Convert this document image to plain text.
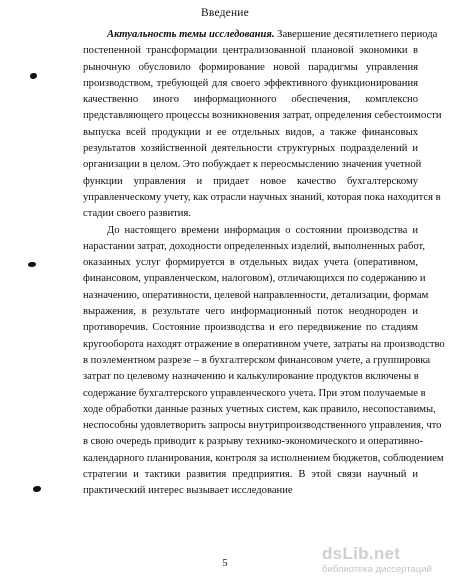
Введение
Актуальность темы исследования. Завершение десятилетнего периода
постепенной трансформации централизованной плановой экономики в
рыночную обусловило формирование новой парадигмы управления
производством, требующей для своего эффективного функционирования
качественно иного информационного обеспечения, комплексно
представляющего процессы возникновения затрат, определения себестоимости
выпуска всей продукции и ее отдельных видов, а также финансовых
результатов хозяйственной деятельности структурных подразделений и
организации в целом. Это побуждает к переосмыслению значения учетной
функции управления и придает новое качество бухгалтерскому
управленческому учету, как отрасли научных знаний, которая пока находится в
стадии своего развития.
До настоящего времени информация о состоянии производства и
нарастании затрат, доходности определенных изделий, выполненных работ,
оказанных услуг формируется в отдельных видах учета (оперативном,
финансовом, управленческом, налоговом), отличающихся по содержанию и
назначению, оперативности, целевой направленности, детализации, формам
выражения, в результате чего информационный поток неоднороден и
противоречив. Состояние производства и его передвижение по стадиям
кругооборота находят отражение в оперативном учете, затраты на производство
в поэлементном разрезе – в бухгалтерском финансовом учете, а группировка
затрат по целевому назначению и калькулирование продуктов включены в
содержание бухгалтерского управленческого учета. При этом получаемые в
ходе обработки данные разных учетных систем, как правило, несопоставимы,
неспособны удовлетворить запросы внутрипроизводственного управления, что
в свою очередь приводит к разрыву технико-экономического и оперативно-
календарного планирования, контроля за исполнением бюджетов, соблюдением
стратегии и тактики развития предприятия. В этой связи научный и
практический интерес вызывает исследование
5
dsLib.net
библиотека диссертаций
